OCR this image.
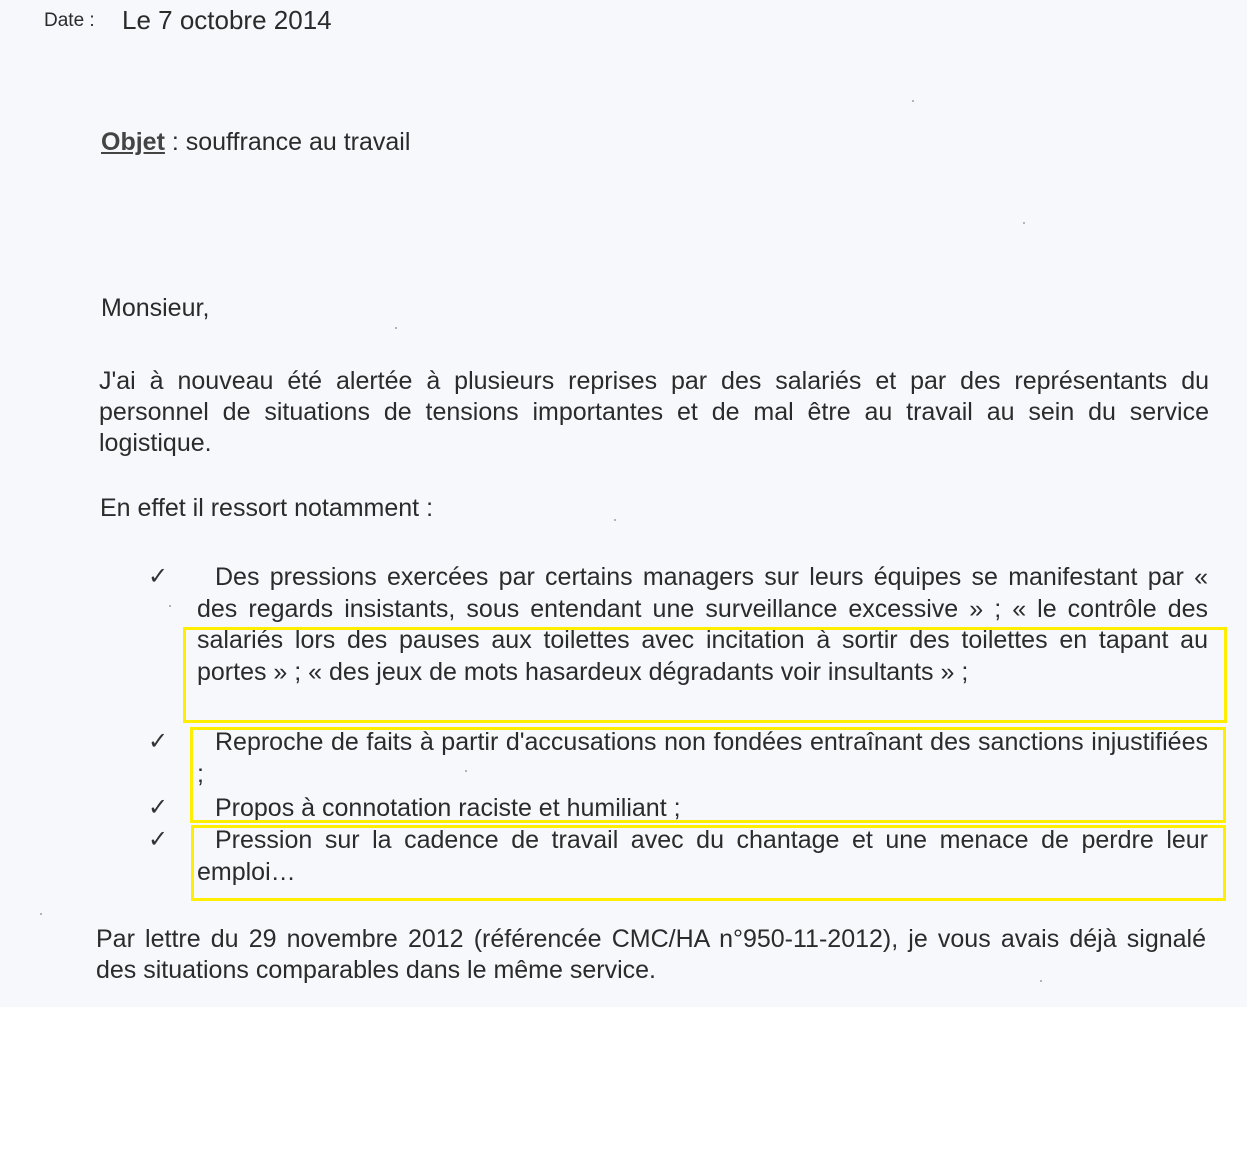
Date : Le 7 octobre 2014

Objet : souffrance au travail

Monsieur,

J'ai à nouveau été alertée à plusieurs reprises par des salariés et par des représentants du personnel de situations de tensions importantes et de mal être au travail au sein du service logistique.

En effet il ressort notamment :
✓	Des pressions exercées par certains managers sur leurs équipes se manifestant par « des regards insistants, sous entendant une surveillance excessive » ; « le contrôle des salariés lors des pauses aux toilettes avec incitation à sortir des toilettes en tapant au portes » ; « des jeux de mots hasardeux dégradants voir insultants » ;

✓	Reproche de faits à partir d'accusations non fondées entraînant des sanctions injustifiées ;

✓	Propos à connotation raciste et humiliant ;

✓	Pression sur la cadence de travail avec du chantage et une menace de perdre leur emploi…

Par lettre du 29 novembre 2012 (référencée CMC/HA n°950-11-2012), je vous avais déjà signalé des situations comparables dans le même service.
